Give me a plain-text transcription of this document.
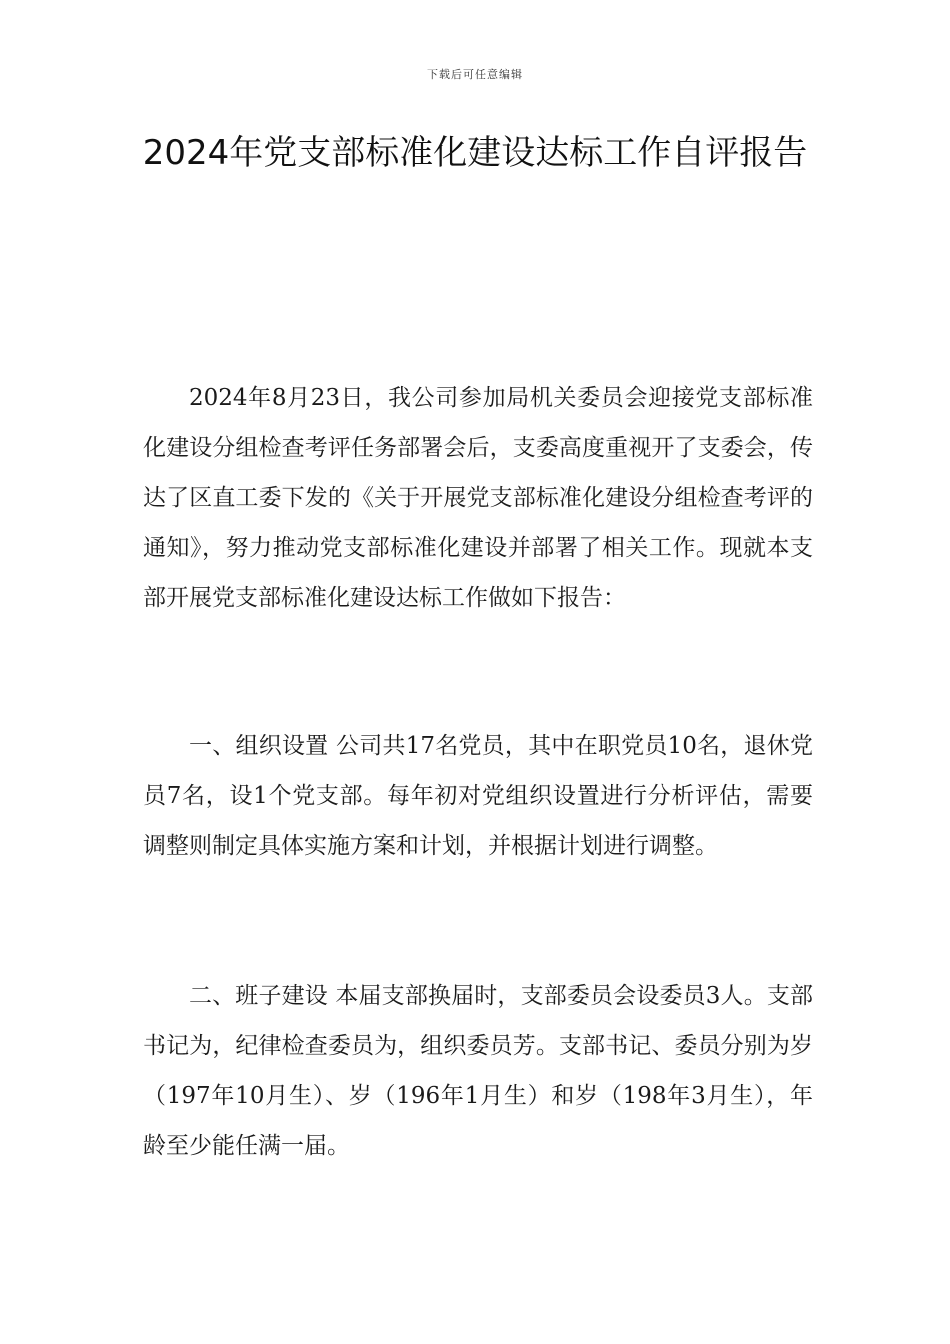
下载后可任意编辑
2024年党支部标准化建设达标工作自评报告

2024年8月23日，我公司参加局机关委员会迎接党支部标准化建设分组检查考评任务部署会后，支委高度重视开了支委会，传达了区直工委下发的《关于开展党支部标准化建设分组检查考评的通知》，努力推动党支部标准化建设并部署了相关工作。现就本支部开展党支部标准化建设达标工作做如下报告：

一、组织设置 公司共17名党员，其中在职党员10名，退休党员7名，设1个党支部。每年初对党组织设置进行分析评估，需要调整则制定具体实施方案和计划，并根据计划进行调整。

二、班子建设 本届支部换届时，支部委员会设委员3人。支部书记为，纪律检查委员为，组织委员芳。支部书记、委员分别为岁（197年10月生）、岁（196年1月生）和岁（198年3月生），年龄至少能任满一届。
